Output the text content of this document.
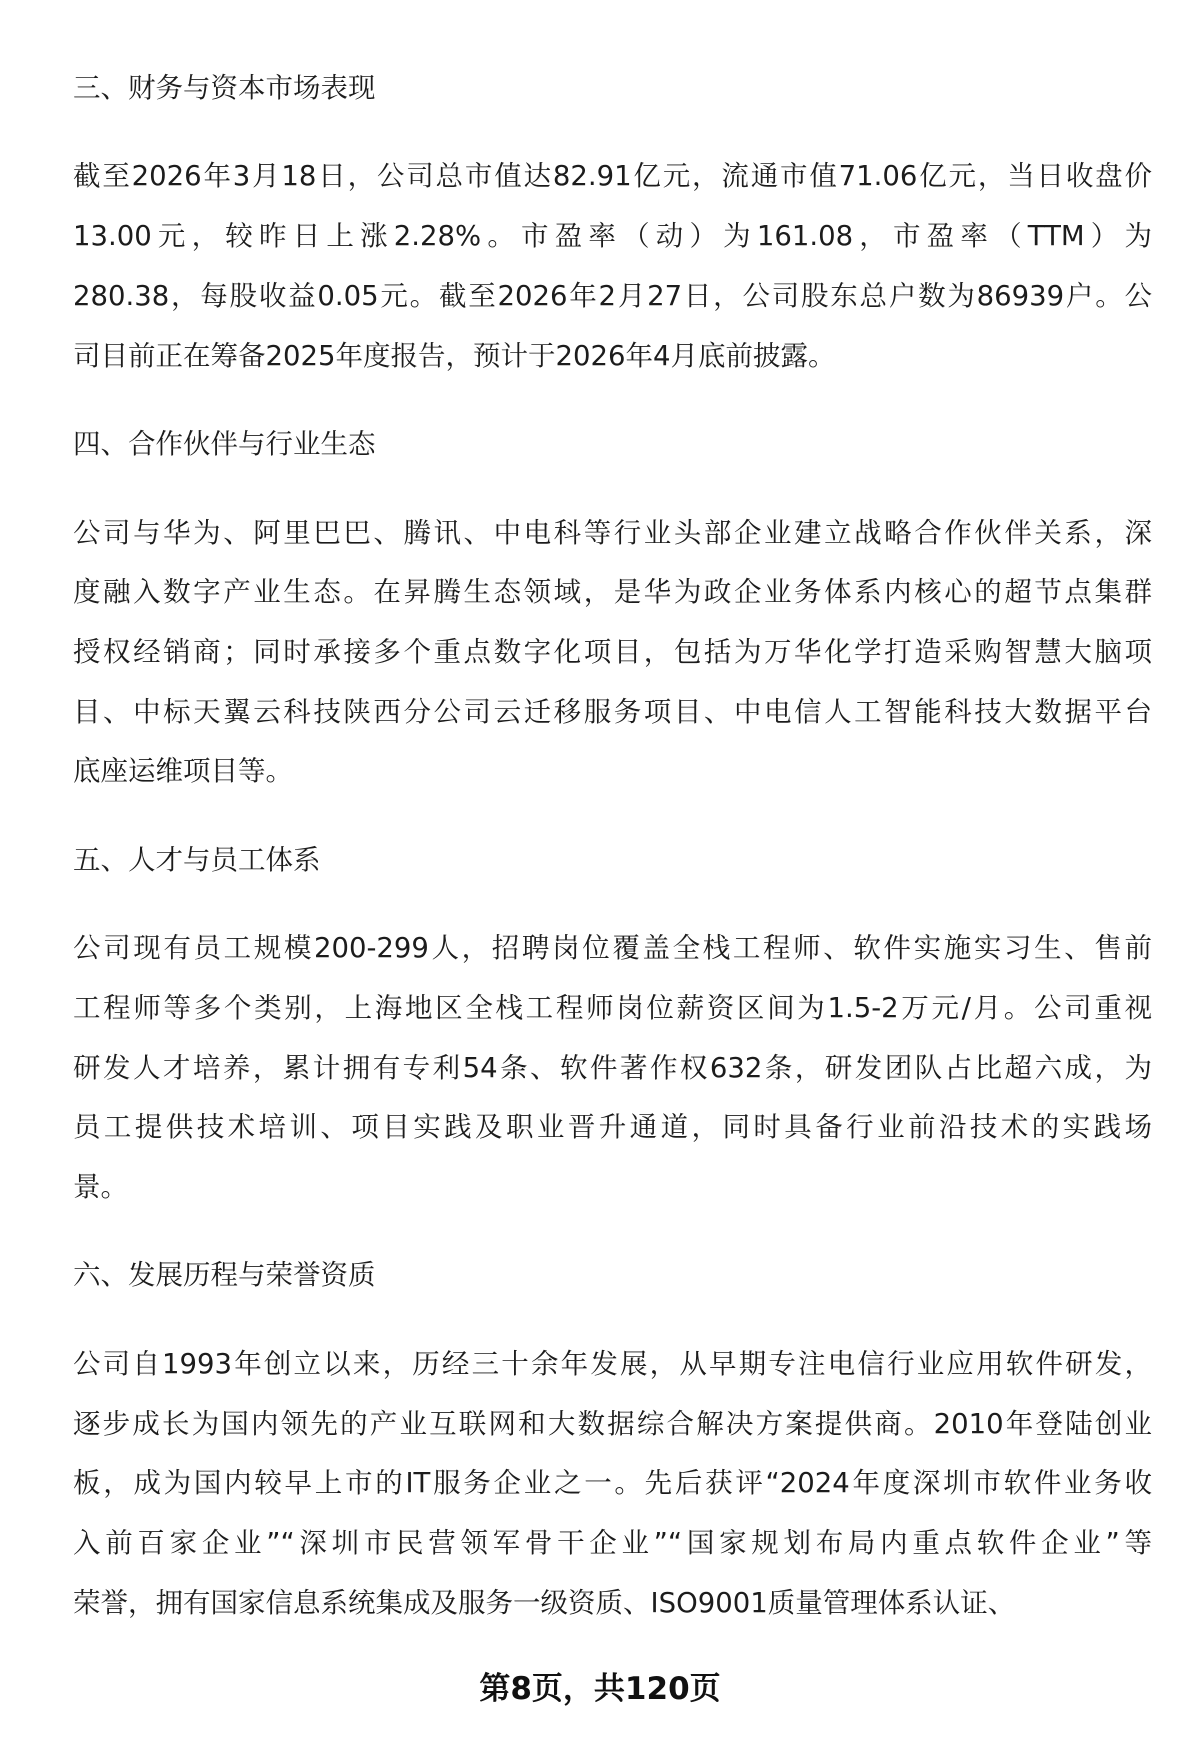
三、财务与资本市场表现
截至2026年3月18日，公司总市值达82.91亿元，流通市值71.06亿元，当日收盘价
13.00元，较昨日上涨2.28%。市盈率（动）为161.08，市盈率（TTM）为
280.38，每股收益0.05元。截至2026年2月27日，公司股东总户数为86939户。公
司目前正在筹备2025年度报告，预计于2026年4月底前披露。
四、合作伙伴与行业生态
公司与华为、阿里巴巴、腾讯、中电科等行业头部企业建立战略合作伙伴关系，深
度融入数字产业生态。在昇腾生态领域，是华为政企业务体系内核心的超节点集群
授权经销商；同时承接多个重点数字化项目，包括为万华化学打造采购智慧大脑项
目、中标天翼云科技陕西分公司云迁移服务项目、中电信人工智能科技大数据平台
底座运维项目等。
五、人才与员工体系
公司现有员工规模200-299人，招聘岗位覆盖全栈工程师、软件实施实习生、售前
工程师等多个类别，上海地区全栈工程师岗位薪资区间为1.5-2万元/月。公司重视
研发人才培养，累计拥有专利54条、软件著作权632条，研发团队占比超六成，为
员工提供技术培训、项目实践及职业晋升通道，同时具备行业前沿技术的实践场
景。
六、发展历程与荣誉资质
公司自1993年创立以来，历经三十余年发展，从早期专注电信行业应用软件研发，
逐步成长为国内领先的产业互联网和大数据综合解决方案提供商。2010年登陆创业
板，成为国内较早上市的IT服务企业之一。先后获评“2024年度深圳市软件业务收
入前百家企业”“深圳市民营领军骨干企业”“国家规划布局内重点软件企业”等
荣誉，拥有国家信息系统集成及服务一级资质、ISO9001质量管理体系认证、
第8页，共120页
